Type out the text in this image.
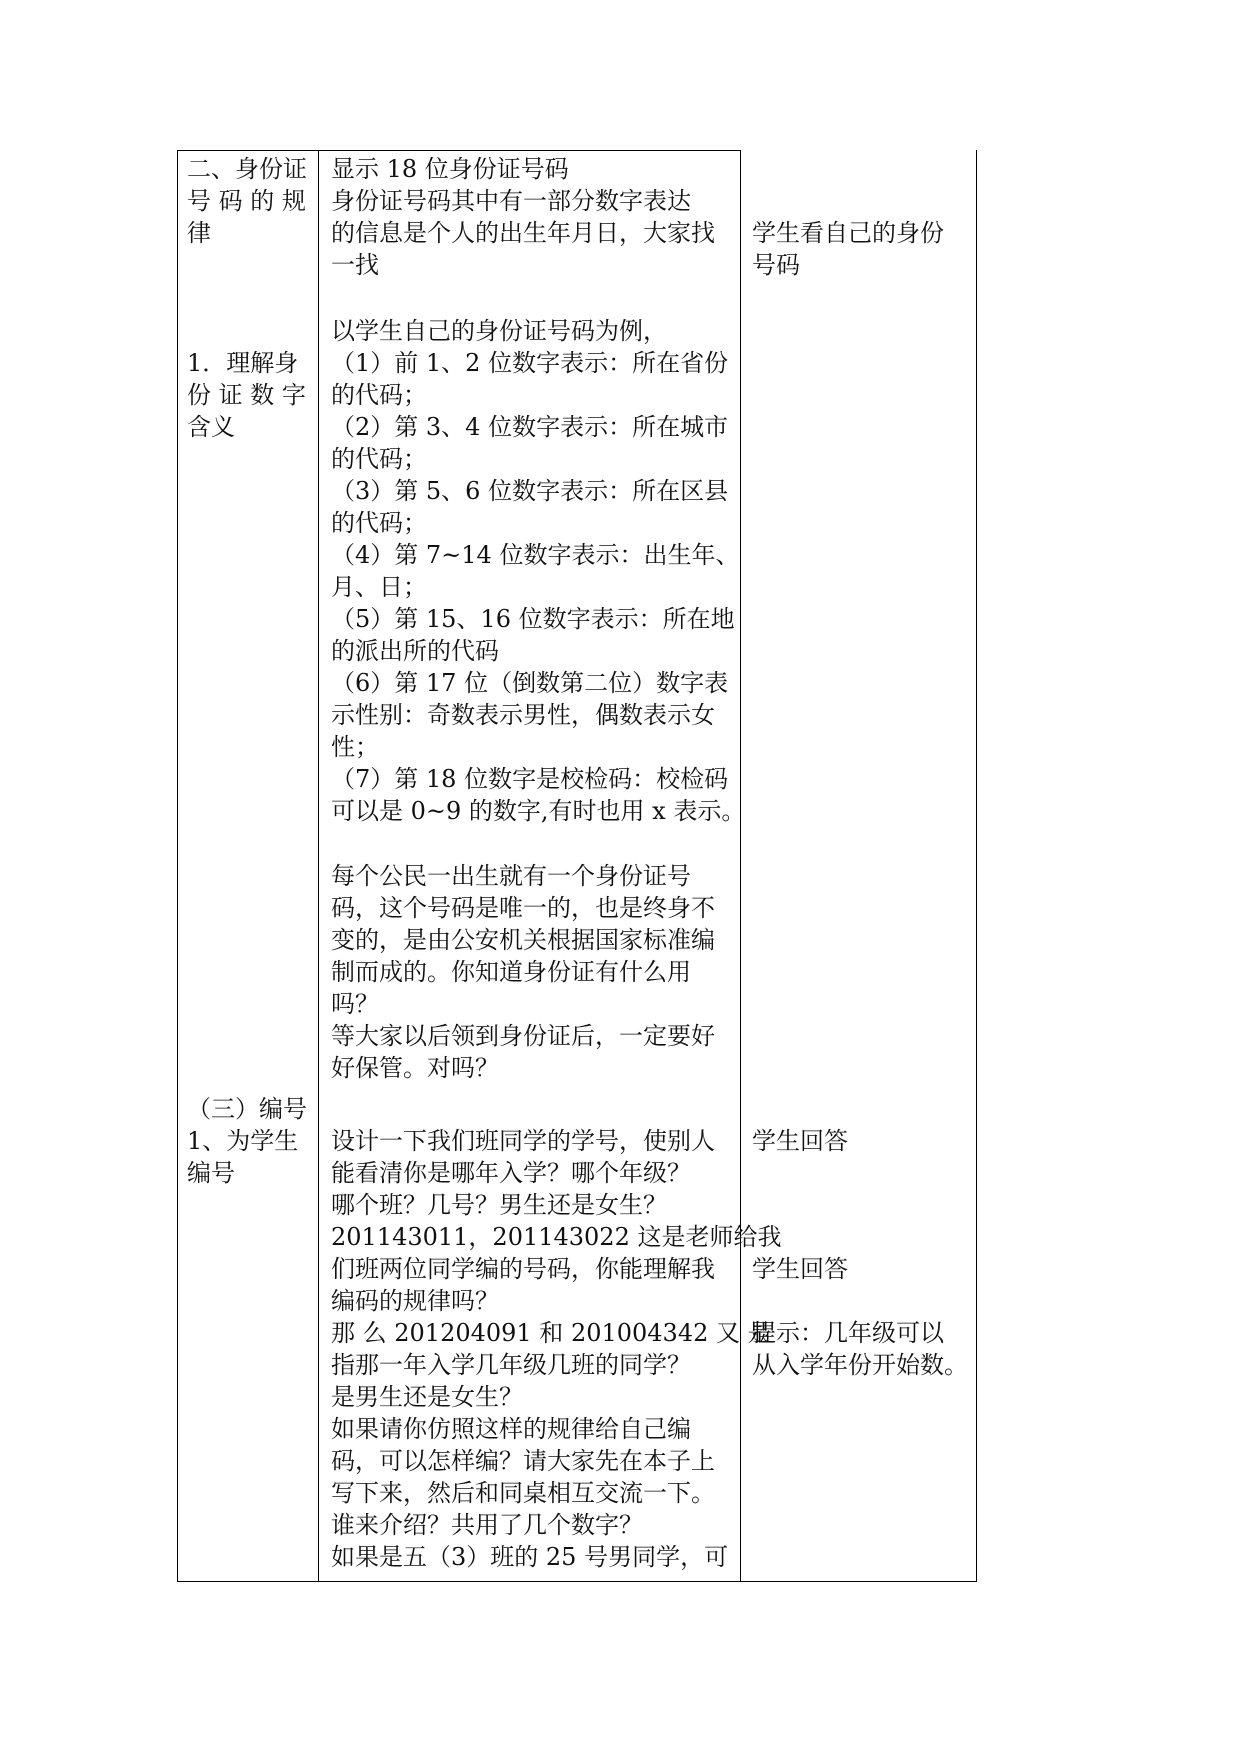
二、身份证
号 码 的 规
律
1．理解身
份 证 数 字
含义
（三）编号
1、为学生
编号
显示 18 位身份证号码
身份证号码其中有一部分数字表达
的信息是个人的出生年月日，大家找
一找
以学生自己的身份证号码为例，
（1）前 1、2 位数字表示：所在省份
的代码；
（2）第 3、4 位数字表示：所在城市
的代码；
（3）第 5、6 位数字表示：所在区县
的代码；
（4）第 7~14 位数字表示：出生年、
月、日；
（5）第 15、16 位数字表示：所在地
的派出所的代码
（6）第 17 位（倒数第二位）数字表
示性别：奇数表示男性，偶数表示女
性；
（7）第 18 位数字是校检码：校检码
可以是 0~9 的数字,有时也用 x 表示。
每个公民一出生就有一个身份证号
码，这个号码是唯一的，也是终身不
变的，是由公安机关根据国家标准编
制而成的。你知道身份证有什么用
吗？
等大家以后领到身份证后，一定要好
好保管。对吗？
设计一下我们班同学的学号，使别人
能看清你是哪年入学？哪个年级？
哪个班？几号？男生还是女生？
201143011，201143022 这是老师给我
们班两位同学编的号码，你能理解我
编码的规律吗？
那 么 201204091 和 201004342 又 是
指那一年入学几年级几班的同学？
是男生还是女生？
如果请你仿照这样的规律给自己编
码，可以怎样编？请大家先在本子上
写下来，然后和同桌相互交流一下。
谁来介绍？共用了几个数字？
如果是五（3）班的 25 号男同学，可
学生看自己的身份
号码
学生回答
学生回答
提示：几年级可以
从入学年份开始数。
